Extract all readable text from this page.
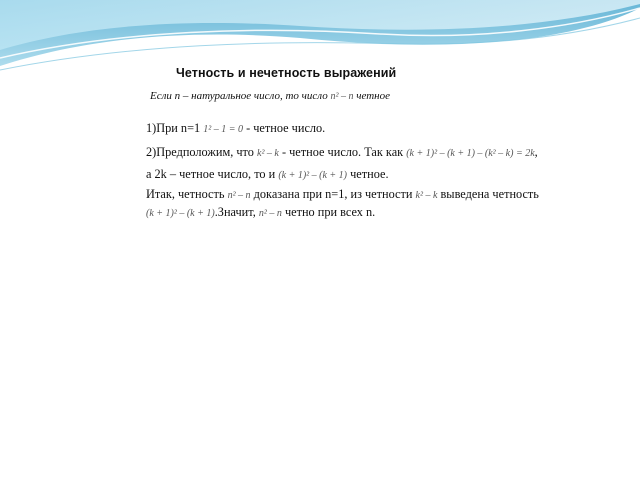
Четность и нечетность выражений
Если n – натуральное число, то число n² – n четное
1)При n=1 1² – 1 = 0 - четное число.
2)Предположим, что k² – k - четное число. Так как (k + 1)² – (k + 1) – (k² – k) = 2k,
а 2k – четное число, то и (k + 1)² – (k + 1) четное.
Итак, четность n² – n доказана при n=1, из четности k² – k выведена четность
(k + 1)² – (k + 1).Значит, n² – n четно при всех n.
